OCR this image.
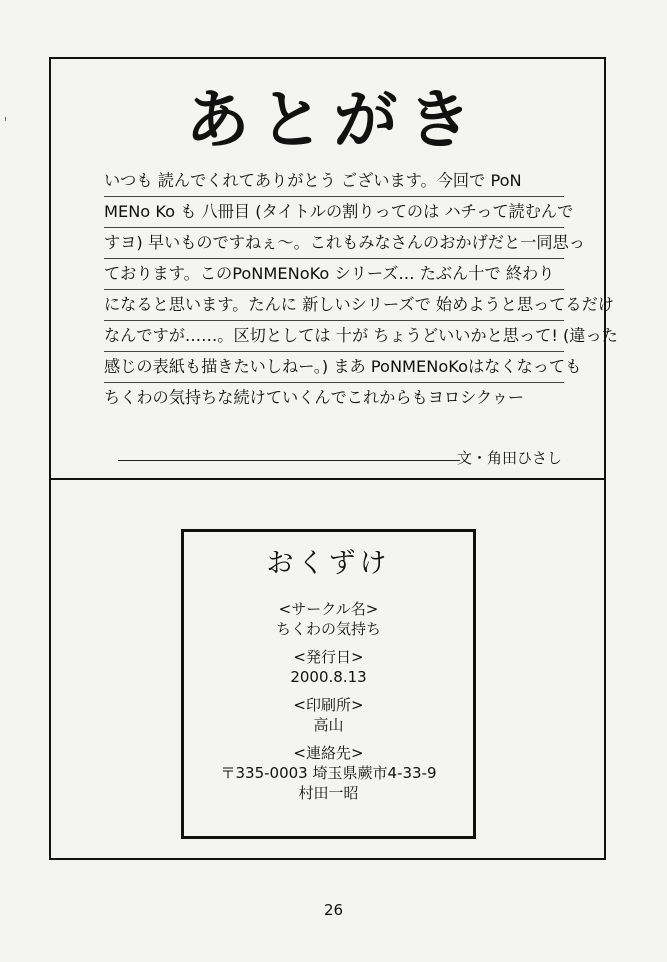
あとがき
いつも 読んでくれてありがとう ございます。今回で PoN
MENo Ko も 八冊目 (タイトルの割りってのは ハチって読むんで
すヨ) 早いものですねぇ〜。これもみなさんのおかげだと一同思っ
ております。このPoNMENoKo シリーズ… たぶん十で 終わり
になると思います。たんに 新しいシリーズで 始めようと思ってるだけ
なんですが……。区切としては 十が ちょうどいいかと思って! (違った
感じの表紙も描きたいしねー。) まあ PoNMENoKoはなくなっても
ちくわの気持ちな続けていくんでこれからもヨロシクゥー
文・角田ひさし
おくずけ
<サークル名>
ちくわの気持ち
<発行日>
2000.8.13
<印刷所>
高山
<連絡先>
〒335-0003 埼玉県蕨市4-33-9
村田一昭
26
